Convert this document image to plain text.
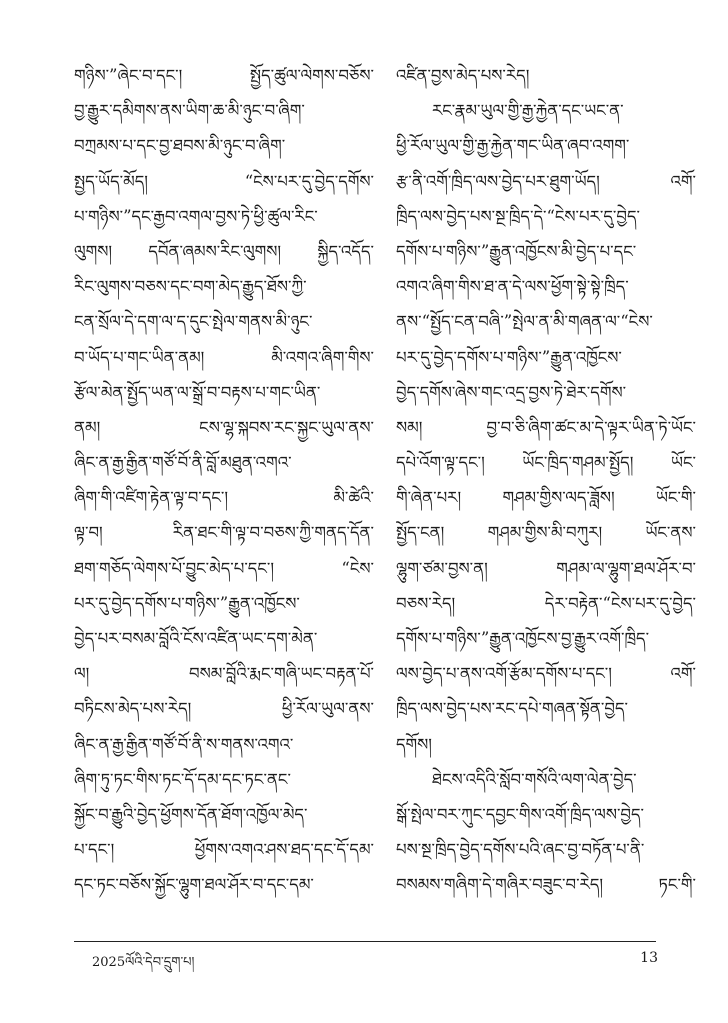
གཉིས་”ཞེང་བ་དང་། སྤྱོད་ཚུལ་ལེགས་བཅོས་
བྱ་རྒྱུར་དམིགས་ནས་ཡིག་ཆ་མི་ཉུང་བ་ཞིག་
བཀྲམས་པ་དང་བྱ་ཐབས་མི་ཉུང་བ་ཞིག་
སྤྱད་ཡོད་མོད། “ངེས་པར་དུ་བྱེད་དགོས་
པ་གཉིས་”དང་རྒྱབ་འགལ་བྱས་ཏེ་ཕྱི་ཚུལ་རིང་
ལུགས། དབོན་ཞམས་རིང་ལུགས། སྐྱིད་འདོད་
རིང་ལུགས་བཅས་དང་བག་མེད་རྒྱུད་ཐོས་ཀྱི་
ངན་སྲོལ་དེ་དག་ལ་ད་དུང་སྤེལ་གནས་མི་ཉུང་
བ་ཡོད་པ་གང་ཡིན་ནམ། མི་འགའ་ཞིག་གིས་
རྩོལ་མེན་སྤྱོད་ཡན་ལ་སྒྲོ་བ་བརྟས་པ་གང་ཡིན་
ནམ། ངས་ལྷ་སྐབས་རང་སྐྱང་ཡུལ་ནས་
ཞིང་ན་རྒྱ་རྒྱིན་གཙོ་བོ་ནི་བློ་མཐུན་འགའ་
ཞིག་གི་འཛིག་རྟེན་ལྟ་བ་དང་། མི་ཚེའི་
ལྟ་བ། རིན་ཐང་གི་ལྟ་བ་བཅས་ཀྱི་གནད་དོན་
ཐག་གཅོད་ལེགས་པོ་བྱུང་མེད་པ་དང་། “ངེས་
པར་དུ་བྱེད་དགོས་པ་གཉིས་”རྒྱུན་འཁྱོངས་
བྱེད་པར་བསམ་བློའི་ངོས་འཛིན་ཡང་དག་མེན་
ལ། བསམ་བློའི་རྨང་གཞི་ཡང་བརྟན་པོ་
བཏིངས་མེད་པས་རེད། ཕྱི་རོལ་ཡུལ་ནས་
ཞིང་ན་རྒྱ་རྒྱིན་གཙོ་བོ་ནི་ས་གནས་འགའ་
ཞིག་ཏུ་ཏང་གིས་ཏང་དོ་དམ་དང་ཏང་ནང་
སྐྱོང་བ་རྒྱུའི་བྱེད་ཕྱོགས་དོན་ཐོག་འཁྱོལ་མེད་
པ་དང་། ཕྱོགས་འགའ་ཤས་ཐད་དང་དོ་དམ་
དང་ཏང་བཅོས་སྐྱོང་ལྷུག་ཐལ་ཤོར་བ་དང་དམ་
འཛིན་བྱས་མེད་པས་རེད།
རང་རྣམ་ཡུལ་གྱི་རྒྱ་རྐྱེན་དང་ཡང་ན་
ཕྱི་རོལ་ཡུལ་གྱི་རྒྱ་རྐྱེན་གང་ཡིན་ཞབ་འགག་
རྩ་ནི་འགོ་ཁྲིད་ལས་བྱེད་པར་ཐུག་ཡོད། འགོ་
ཁྲིད་ལས་བྱེད་པས་སྔ་ཁྲིད་དེ་“ངེས་པར་དུ་བྱེད་
དགོས་པ་གཉིས་”རྒྱུན་འཁྱོངས་མི་བྱེད་པ་དང་
འགའ་ཞིག་གིས་ཐ་ན་དེ་ལས་ཕྱོག་སྟེ་སྟེ་ཁྲིད་
ནས་“སྤྱོད་ངན་བཞི་”སྤེལ་ན་མི་གཞན་ལ་“ངེས་
པར་དུ་བྱེད་དགོས་པ་གཉིས་”རྒྱུན་འཁྱོངས་
བྱེད་དགོས་ཞེས་གང་འདྲ་བྱས་ཏེ་ཐེར་དགོས་
སམ། བྱ་བ་ཅི་ཞིག་ཚང་མ་དེ་ལྟར་ཡིན་ཏེ་ཡོང་
དཔེ་འོག་ལྟ་དང་། ཡོང་ཁྲིད་གཤམ་སྤྱོད། ཡོང་
གི་ཞེན་པར། གཤམ་གྱིས་ལད་ཟློས། ཡོང་གི་
སྤྱོད་ངན། གཤམ་གྱིས་མི་བཀུར། ཡོང་ནས་
ལྷུག་ཙམ་བྱས་ན། གཤམ་ལ་ལྷུག་ཐལ་ཤོར་བ་
བཅས་རེད། དེར་བརྟེན་“ངེས་པར་དུ་བྱེད་
དགོས་པ་གཉིས་”རྒྱུན་འཁྱོངས་བྱ་རྒྱུར་འགོ་ཁྲིད་
ལས་བྱེད་པ་ནས་འགོ་རྩོམ་དགོས་པ་དང་། འགོ་
ཁྲིད་ལས་བྱེད་པས་རང་དཔེ་གཞན་སྟོན་བྱེད་
དགོས།
ཐེངས་འདིའི་སློབ་གསོའི་ལག་ལེན་བྱེད་
སྒོ་སྤེལ་བར་ཀུང་དབྱང་གིས་འགོ་ཁྲིད་ལས་བྱེད་
པས་སྔ་ཁྲིད་བྱེད་དགོས་པའི་ཞང་བྱ་བཏོན་པ་ནི་
བསམས་གཞིག་དེ་གཞིར་བཟུང་བ་རེད། ཏང་གི་
2025ལོའི་དེབ་དྲུག་པ།	13
